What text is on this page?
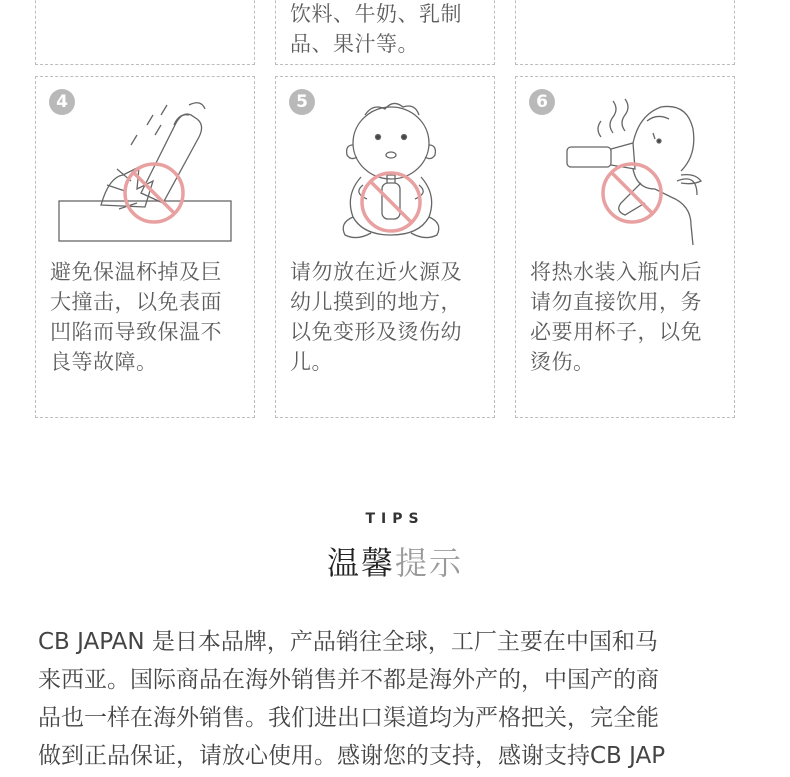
饮料、牛奶、乳制
品、果汁等。
4
避免保温杯掉及巨
大撞击，以免表面
凹陷而导致保温不
良等故障。
5
请勿放在近火源及
幼儿摸到的地方，
以免变形及烫伤幼
儿。
6
将热水装入瓶内后
请勿直接饮用，务
必要用杯子，以免
烫伤。
TIPS
温馨提示
CB JAPAN 是日本品牌，产品销往全球，工厂主要在中国和马
来西亚。国际商品在海外销售并不都是海外产的，中国产的商
品也一样在海外销售。我们进出口渠道均为严格把关，完全能
做到正品保证，请放心使用。感谢您的支持，感谢支持CB JAP
